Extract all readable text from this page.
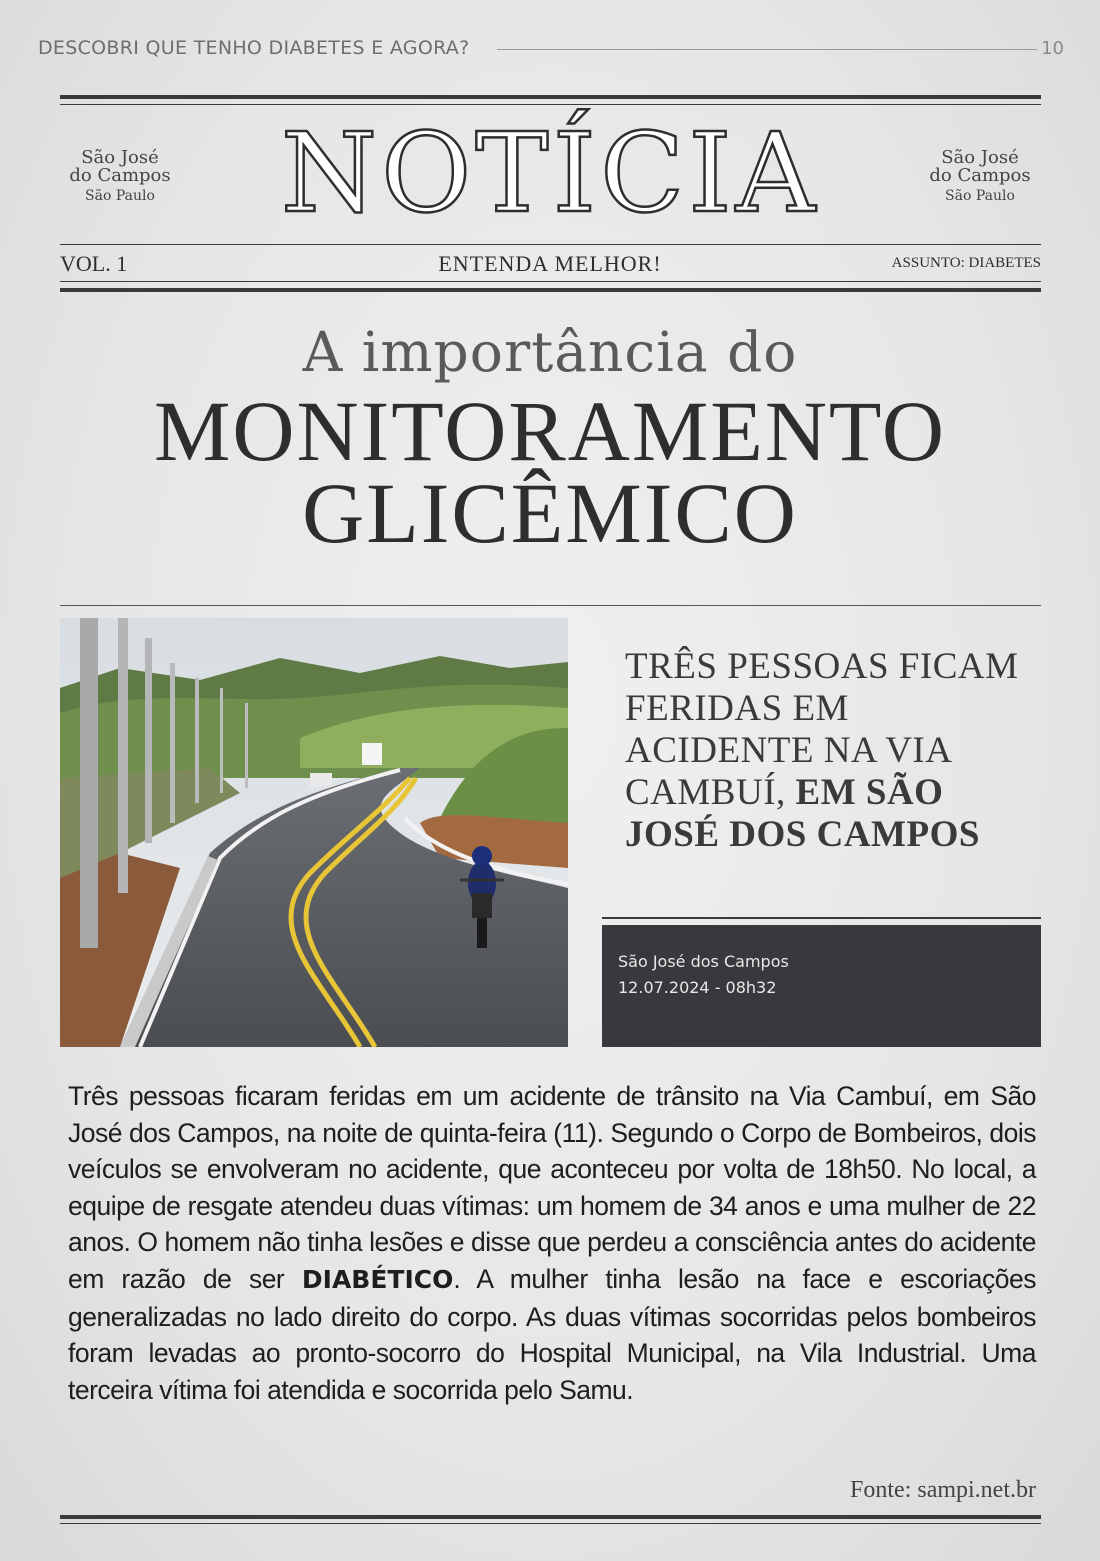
DESCOBRI QUE TENHO DIABETES E AGORA?	10
São José
do Campos
São Paulo
São José
do Campos
São Paulo
NOTÍCIA
VOL. 1	ENTENDA MELHOR!	ASSUNTO: DIABETES
A importância do
MONITORAMENTO
GLICÊMICO
TRÊS PESSOAS FICAM FERIDAS EM ACIDENTE NA VIA CAMBUÍ, EM SÃO JOSÉ DOS CAMPOS
São José dos Campos
12.07.2024 - 08h32
Três pessoas ficaram feridas em um acidente de trânsito na Via Cambuí, em São José dos Campos, na noite de quinta-feira (11). Segundo o Corpo de Bombeiros, dois veículos se envolveram no acidente, que aconteceu por volta de 18h50. No local, a equipe de resgate atendeu duas vítimas: um homem de 34 anos e uma mulher de 22 anos. O homem não tinha lesões e disse que perdeu a consciência antes do acidente em razão de ser DIABÉTICO. A mulher tinha lesão na face e escoriações generalizadas no lado direito do corpo. As duas vítimas socorridas pelos bombeiros foram levadas ao pronto-socorro do Hospital Municipal, na Vila Industrial. Uma terceira vítima foi atendida e socorrida pelo Samu.
Fonte: sampi.net.br
